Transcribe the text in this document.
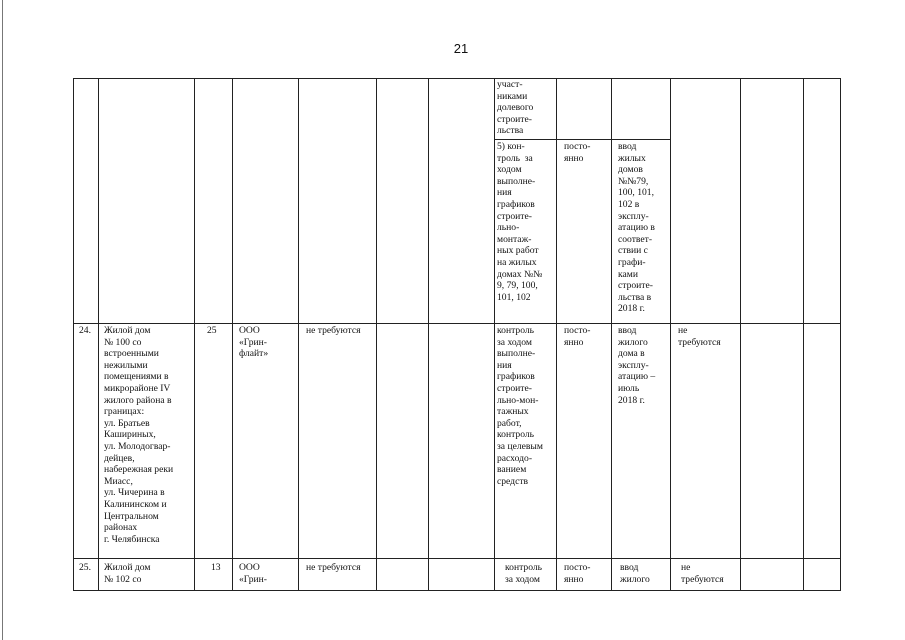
21
участ-
никами
долевого
строите-
льства
5) кон-
троль  за
ходом
выполне-
ния
графиков
строите-
льно-
монтаж-
ных работ
на жилых
домах №№
9, 79, 100,
101, 102
посто-
янно
ввод
жилых
домов
№№79,
100, 101,
102 в
эксплу-
атацию в
соответ-
ствии с
графи-
ками
строите-
льства в
2018 г.
24. Жилой дом
№ 100 со
встроенными
нежилыми
помещениями в
микрорайоне IV
жилого района в
границах:
ул. Братьев
Кашириных,
ул. Молодогвар-
дейцев,
набережная реки
Миасс,
ул. Чичерина в
Калининском и
Центральном
районах
г. Челябинска
25 ООО
«Грин-
флайт»
не требуются	контроль
за ходом
выполне-
ния
графиков
строите-
льно-мон-
тажных
работ,
контроль
за целевым
расходо-
ванием
средств
посто-
янно
ввод
жилого
дома в
эксплу-
атацию –
июль
2018 г.
не
требуются
25. Жилой дом
№ 102 со
13 ООО
«Грин-
не требуются	контроль
за ходом
посто-
янно
ввод
жилого
не
требуются
